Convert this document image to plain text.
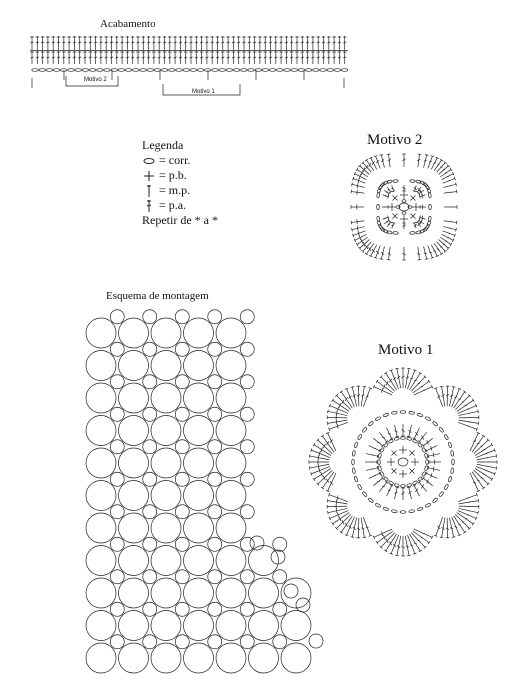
Acabamento
Motivo 2
Motivo 1
Legenda
= corr.
= p.b.
= m.p.
= p.a.
Repetir de * a *
Motivo 2
Motivo 1
Esquema de montagem
